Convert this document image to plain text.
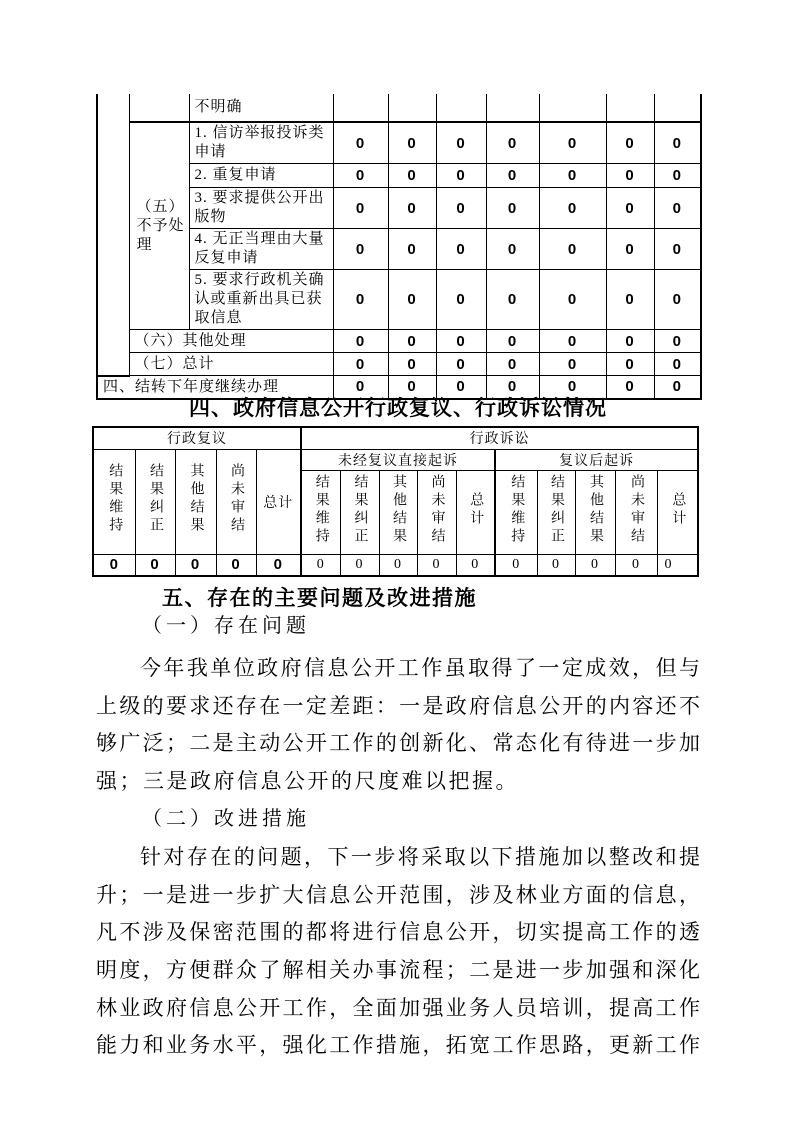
		不明确							
	（五）不予处理	1. 信访举报投诉类申请	0	0	0	0	0	0	0
		2. 重复申请	0	0	0	0	0	0	0
		3. 要求提供公开出版物	0	0	0	0	0	0	0
		4. 无正当理由大量反复申请	0	0	0	0	0	0	0
		5. 要求行政机关确认或重新出具已获取信息	0	0	0	0	0	0	0
	（六）其他处理		0	0	0	0	0	0	0
	（七）总计		0	0	0	0	0	0	0
四、结转下年度继续办理			0	0	0	0	0	0	0
四、政府信息公开行政复议、行政诉讼情况
行政复议					行政诉讼									
结果维持	结果纠正	其他结果	尚未审结	总计	未经复议直接起诉					复议后起诉				
					结果维持	结果纠正	其他结果	尚未审结	总计	结果维持	结果纠正	其他结果	尚未审结	总计
0	0	0	0	0	0	0	0	0	0	0	0	0	0	0
五、存在的主要问题及改进措施
（一）存在问题
今年我单位政府信息公开工作虽取得了一定成效，但与
上级的要求还存在一定差距：一是政府信息公开的内容还不
够广泛；二是主动公开工作的创新化、常态化有待进一步加
强；三是政府信息公开的尺度难以把握。
（二）改进措施
针对存在的问题，下一步将采取以下措施加以整改和提
升；一是进一步扩大信息公开范围，涉及林业方面的信息，
凡不涉及保密范围的都将进行信息公开，切实提高工作的透
明度，方便群众了解相关办事流程；二是进一步加强和深化
林业政府信息公开工作，全面加强业务人员培训，提高工作
能力和业务水平，强化工作措施，拓宽工作思路，更新工作
